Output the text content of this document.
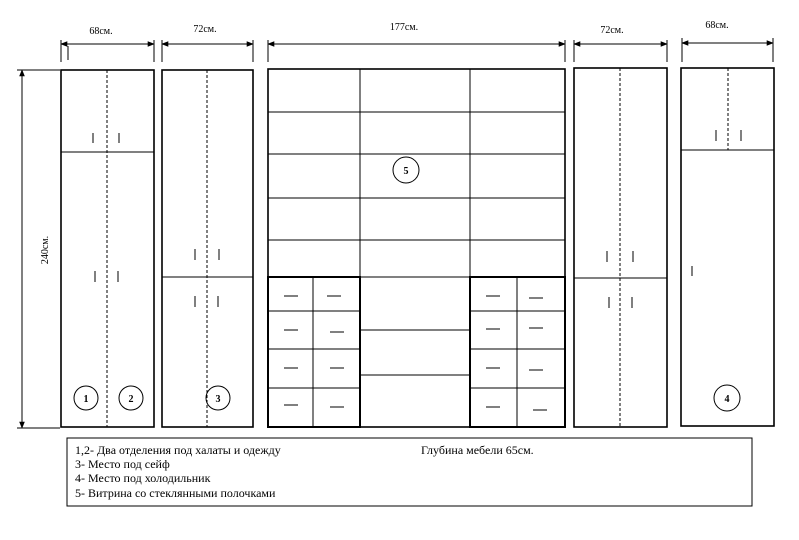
68см.	72см.	177см.	72см.	68см.
240см.
1	2	3
5
4
1,2- Два отделения под халаты и одежду
3- Место под сейф
4- Место под холодильник
5- Витрина со стеклянными полочками
Глубина мебели 65см.
